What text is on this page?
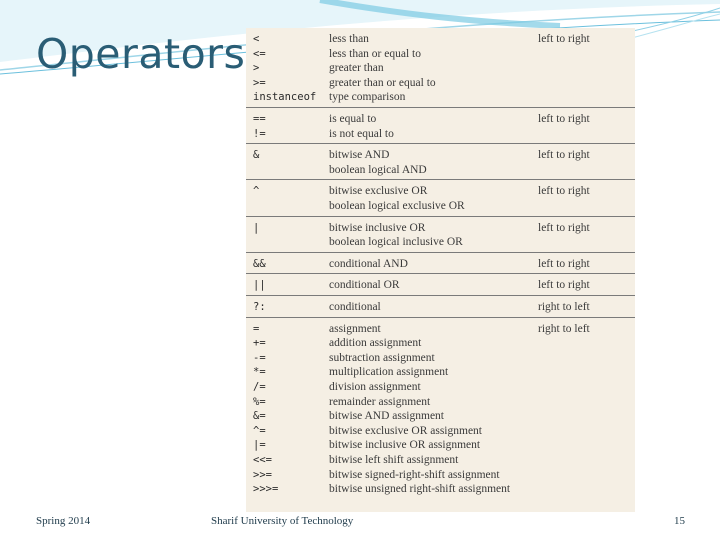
Operators <	less than	left to right
<=	less than or equal to
>	greater than
>=	greater than or equal to
instanceof type comparison
==	is equal to	left to right
!=	is not equal to
&	bitwise AND	left to right
boolean logical AND
^	bitwise exclusive OR	left to right
boolean logical exclusive OR
|	bitwise inclusive OR	left to right
boolean logical inclusive OR
&&	conditional AND	left to right
||	conditional OR	left to right
?:	conditional	right to left
=	assignment	right to left
+=	addition assignment
-=	subtraction assignment
*=	multiplication assignment
/=	division assignment
%=	remainder assignment
&=	bitwise AND assignment
^=	bitwise exclusive OR assignment
|=	bitwise inclusive OR assignment
<<=	bitwise left shift assignment
>>=	bitwise signed-right-shift assignment
>>>=	bitwise unsigned right-shift assignment
Spring 2014	Sharif University of Technology	15
